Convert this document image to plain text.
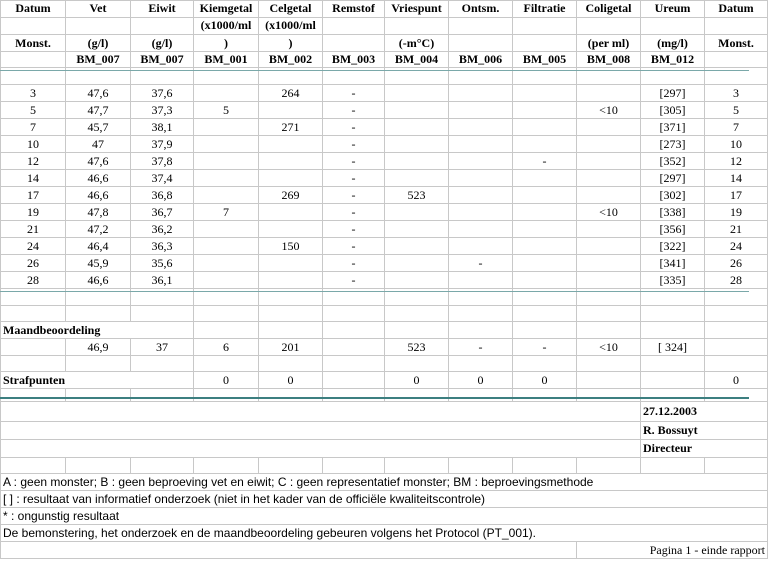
Datum	Vet	Eiwit	Kiemgetal	Celgetal	Remstof	Vriespunt	Ontsm.	Filtratie	Coligetal	Ureum	Datum
			(x1000/ml	(x1000/ml							
Monst.	(g/l)	(g/l)	)	)		(-m°C)			(per ml)	(mg/l)	Monst.
	BM_007	BM_007	BM_001	BM_002	BM_003	BM_004	BM_006	BM_005	BM_008	BM_012	

3	47,6	37,6		264	-					[297]	3
5	47,7	37,3	5		-				<10	[305]	5
7	45,7	38,1		271	-					[371]	7
10	47	37,9			-					[273]	10
12	47,6	37,8			-			-		[352]	12
14	46,6	37,4			-					[297]	14
17	46,6	36,8		269	-	523				[302]	17
19	47,8	36,7	7		-				<10	[338]	19
21	47,2	36,2			-					[356]	21
24	46,4	36,3		150	-					[322]	24
26	45,9	35,6			-		-			[341]	26
28	46,6	36,1			-					[335]	28

Maandbeoordeling											
	46,9	37	6	201		523	-	-	<10	[ 324]	

Strafpunten			0	0		0	0	0			0

										27.12.2003	
										R. Bossuyt	
										Directeur	

A : geen monster; B : geen beproeving vet en eiwit; C : geen representatief monster; BM : beproevingsmethode											
[ ] : resultaat van informatief onderzoek (niet in het kader van de officiële kwaliteitscontrole)											
* : ongunstig resultaat											
De bemonstering, het onderzoek en de maandbeoordeling gebeuren volgens het Protocol (PT_001).											
									Pagina 1 - einde rapport		
